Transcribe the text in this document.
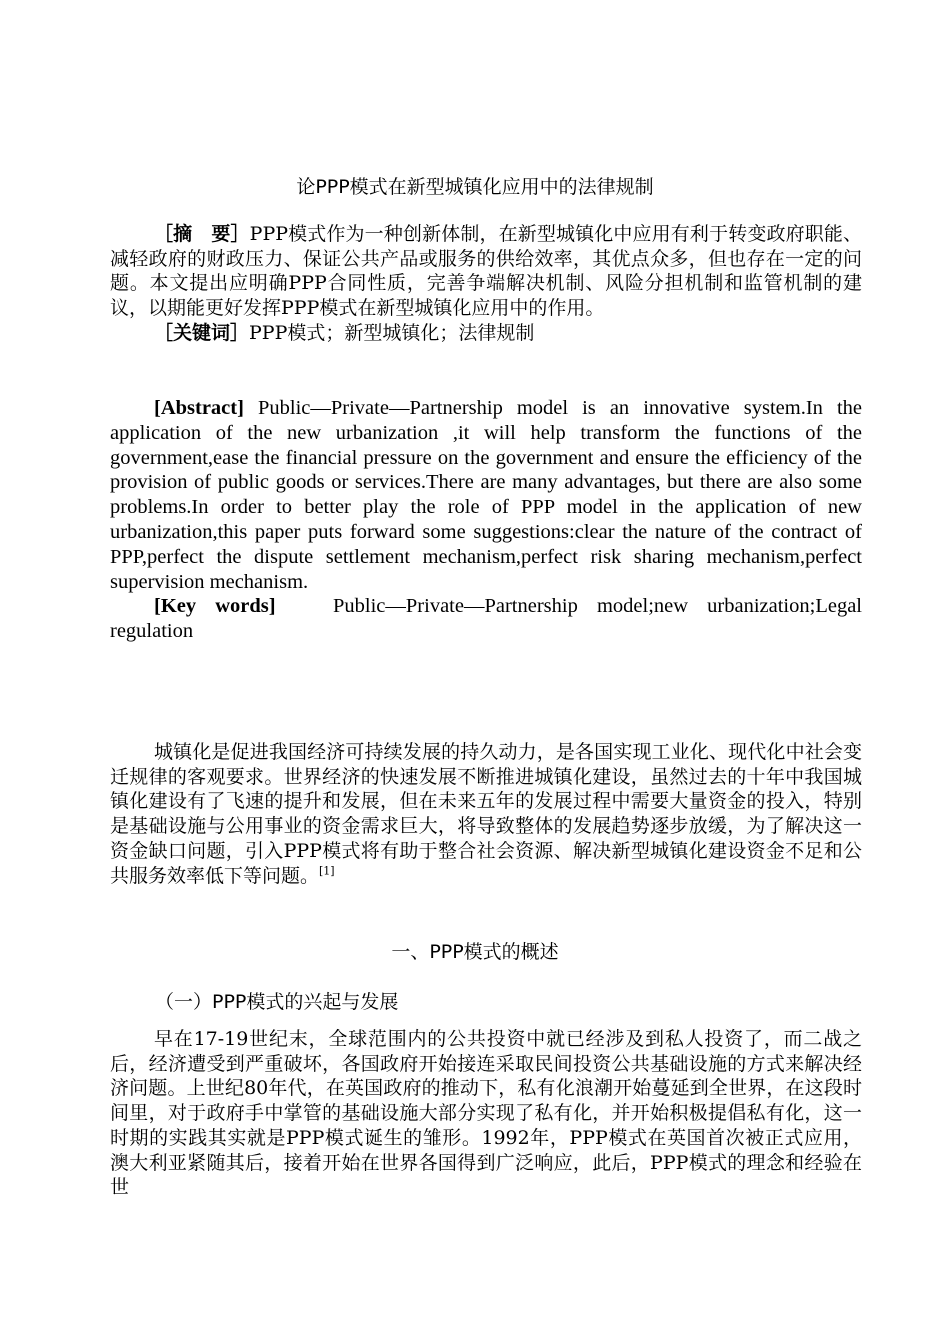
论PPP模式在新型城镇化应用中的法律规制

［摘　要］PPP模式作为一种创新体制，在新型城镇化中应用有利于转变政府职能、减轻政府的财政压力、保证公共产品或服务的供给效率，其优点众多，但也存在一定的问题。本文提出应明确PPP合同性质，完善争端解决机制、风险分担机制和监管机制的建议，以期能更好发挥PPP模式在新型城镇化应用中的作用。

［关键词］PPP模式；新型城镇化；法律规制

[Abstract] Public—Private—Partnership model is an innovative system.In the application of the new urbanization ,it will help transform the functions of the government,ease the financial pressure on the government and ensure the efficiency of the provision of public goods or services.There are many advantages, but there are also some problems.In order to better play the role of PPP model in the application of new urbanization,this paper puts forward some suggestions:clear the nature of the contract of PPP,perfect the dispute settlement mechanism,perfect risk sharing mechanism,perfect supervision mechanism.

[Key words]	Public—Private—Partnership model;new urbanization;Legal regulation

城镇化是促进我国经济可持续发展的持久动力，是各国实现工业化、现代化中社会变迁规律的客观要求。世界经济的快速发展不断推进城镇化建设，虽然过去的十年中我国城镇化建设有了飞速的提升和发展，但在未来五年的发展过程中需要大量资金的投入，特别是基础设施与公用事业的资金需求巨大，将导致整体的发展趋势逐步放缓，为了解决这一资金缺口问题，引入PPP模式将有助于整合社会资源、解决新型城镇化建设资金不足和公共服务效率低下等问题。[1]

一、PPP模式的概述
（一）PPP模式的兴起与发展

早在17-19世纪末，全球范围内的公共投资中就已经涉及到私人投资了，而二战之后，经济遭受到严重破坏，各国政府开始接连采取民间投资公共基础设施的方式来解决经济问题。上世纪80年代，在英国政府的推动下，私有化浪潮开始蔓延到全世界，在这段时间里，对于政府手中掌管的基础设施大部分实现了私有化，并开始积极提倡私有化，这一时期的实践其实就是PPP模式诞生的雏形。1992年，PPP模式在英国首次被正式应用，澳大利亚紧随其后，接着开始在世界各国得到广泛响应，此后，PPP模式的理念和经验在世
